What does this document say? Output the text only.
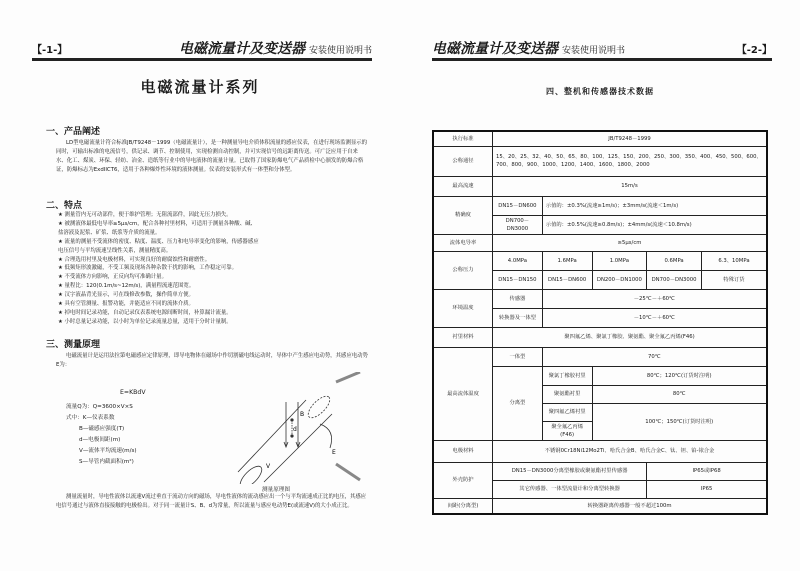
【-1-】	电磁流量计及变送器 安装使用说明书
电磁流量计系列
一、产品阐述
LD型电磁流量计符合标准JB/T9248－1999（电磁流量计），是一种测量导电介质体积流量的感应仪表，在进行现场监测显示的同时，可输出标准的电流信号，供记录、调节、控制使用，实现检测自动控制，并可实现信号的远距离传送。可广泛应用于自来水、化工、煤炭、环保、轻纺、冶金、造纸等行业中的导电液体的流量计量。已取得了国家防爆电气产品质检中心颁发的防爆合格证，防爆标志为ExdIICT6，适用于各种爆炸性环境的液体测量。仪表的安装形式有一体型和分体型。
二、特点
★ 测量管内无可动部件，便于维护管理；无阻流部件，因此无压力损失。
★ 被测液体最低电导率≥5μs/cm，配合各种衬里材料，可适用于测量各种酸、碱、
盐溶液及泥浆、矿浆、纸浆等介质的流量。
★ 流量的测量不受流体的密度、粘度、温度、压力和电导率变化的影响，传感器感应
电压信号与平均流速呈线性关系，测量精度高。
★ 合理选用衬里及电极材料，可实现良好的耐腐蚀性和耐磨性。
★ 低频矩形波激磁，不受工频及现场各种杂散干扰的影响，工作稳定可靠。
★ 不受流体方向影响，正反向均可准确计量。
★ 量程比：120(0.1m/s~12m/s)，满量程流速范围宽。
★ 汉字液晶背光显示，可在线修改参数，操作简单方便。
★ 具有空管测量、报警功能，并能适应不同的流体介质。
★ 掉电时间记录功能，自动记录仪表系统电源间断时间，补算漏计流量。
★ 小时总量记录功能，以小时为单位记录流量总量，适用于分时计量制。
三、测量原理
电磁流量计是运用法拉第电磁感应定律原理，即导电物体在磁场中作切割磁电线运动时，导体中产生感应电动势，其感应电动势E为：
E=KBdV
流量Q为：Q=3600×V×S
式中：K—仪表系数
B—磁感应强度(T)
d—电极间距(m)
V—流体平均流速(m/s)
S—导管内截面积(m²)
d
B
V
E
测量原理图
测量流量时，导电性液体以流速V流过垂直于流动方向的磁场，导电性液体的流动感应出一个与平均流速成正比的电压，其感应电信号通过与液体直接接触的电极检出。对于同一流量计S、B、d为常量，所以流量与感应电动势E(或流速V)的大小成正比。
电磁流量计及变送器 安装使用说明书	【-2-】
四、整机和传感器技术数据
执行标准	JB/T9248－1999				
公称通径	15、20、25、32、40、50、65、80、100、125、150、200、250、300、350、400、450、500、600、700、800、900、1000、1200、1400、1600、1800、2000				
最高流速	15m/s				
精确度	DN15－DN600	示值的：±0.3%(流速≥1m/s)；±3mm/s(流速＜1m/s)			
	DN700－DN3000	示值的：±0.5%(流速≥0.8m/s)；±4mm/s(流速＜10.8m/s)			
流体电导率	≥5μs/cm				
公称压力	4.0MPa	1.6MPa	1.0MPa	0.6MPa	6.3、10MPa
	DN15－DN150	DN15－DN600	DN200－DN1000	DN700－DN3000	特殊订货
环境温度	传感器	－25℃－＋60℃			
	转换器及一体型	－10℃－＋60℃			
衬里材料	聚四氟乙烯、聚氯丁橡胶、聚氨酯、聚全氟乙丙烯(F46)				
最高流体温度	一体型	70℃			
	分离型	聚氯丁橡胶衬里	80℃；120℃(订货时注明)		
		聚氨酯衬里	80℃		
		聚四氟乙烯衬里	100℃；150℃(订货时注明)		
		聚全氟乙丙烯(F46)			

电极材料	不锈钢0Cr18Ni12Mo2Ti、哈氏合金B、哈氏合金C、钛、钽、铂-铱合金				
外壳防护	DN15－DN3000分离型橡胶或聚氨酯衬里传感器			IP65或IP68	
	其它传感器、一体型流量计和分离型转换器			IP65	
间距(分离型)	转换器距离传感器一般不超过100m				
